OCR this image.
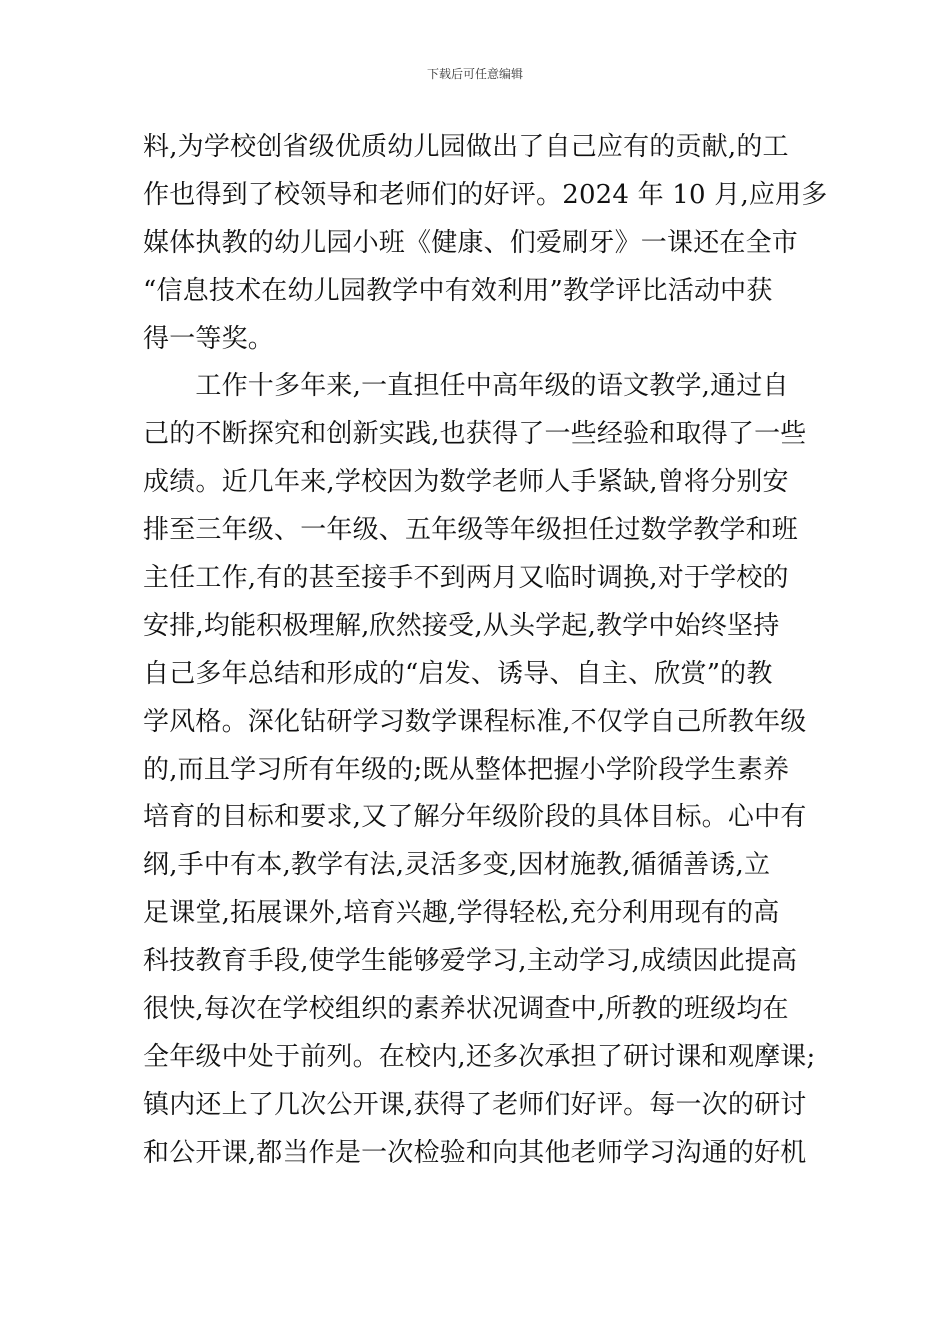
下载后可任意编辑
料,为学校创省级优质幼儿园做出了自己应有的贡献,的工
作也得到了校领导和老师们的好评。2024 年 10 月,应用多
媒体执教的幼儿园小班《健康、们爱刷牙》一课还在全市
“信息技术在幼儿园教学中有效利用”教学评比活动中获
得一等奖。
　　工作十多年来,一直担任中高年级的语文教学,通过自
己的不断探究和创新实践,也获得了一些经验和取得了一些
成绩。近几年来,学校因为数学老师人手紧缺,曾将分别安
排至三年级、一年级、五年级等年级担任过数学教学和班
主任工作,有的甚至接手不到两月又临时调换,对于学校的
安排,均能积极理解,欣然接受,从头学起,教学中始终坚持
自己多年总结和形成的“启发、诱导、自主、欣赏”的教
学风格。深化钻研学习数学课程标准,不仅学自己所教年级
的,而且学习所有年级的;既从整体把握小学阶段学生素养
培育的目标和要求,又了解分年级阶段的具体目标。心中有
纲,手中有本,教学有法,灵活多变,因材施教,循循善诱,立
足课堂,拓展课外,培育兴趣,学得轻松,充分利用现有的高
科技教育手段,使学生能够爱学习,主动学习,成绩因此提高
很快,每次在学校组织的素养状况调查中,所教的班级均在
全年级中处于前列。在校内,还多次承担了研讨课和观摩课;
镇内还上了几次公开课,获得了老师们好评。每一次的研讨
和公开课,都当作是一次检验和向其他老师学习沟通的好机
